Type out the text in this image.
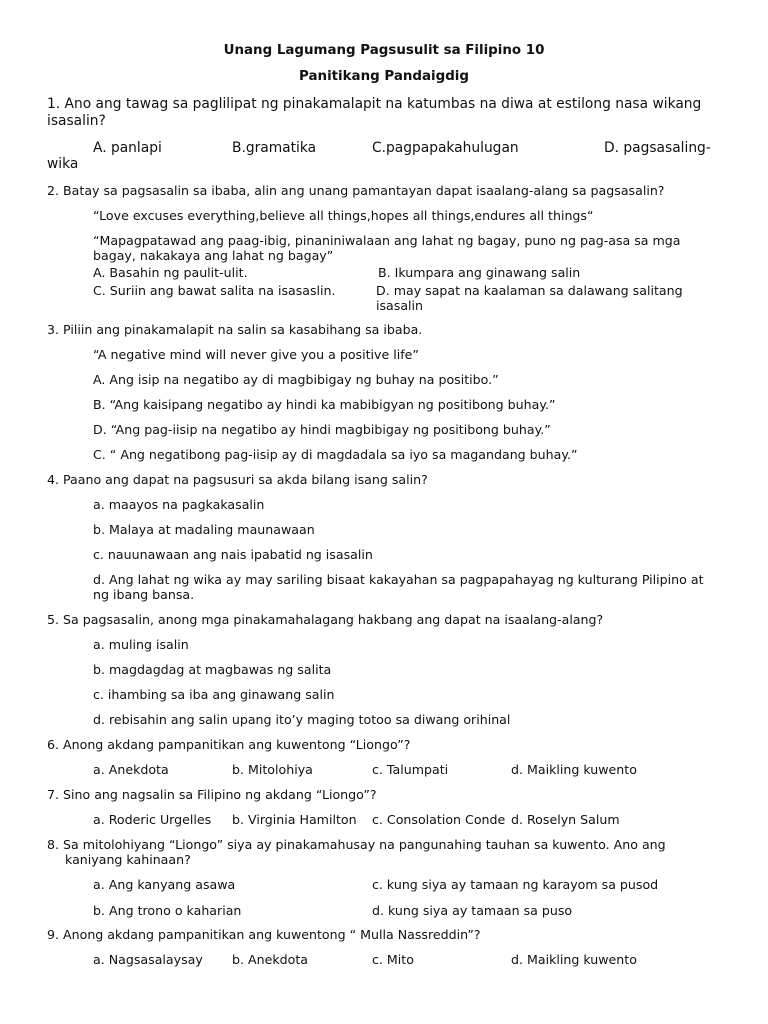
Unang Lagumang Pagsusulit sa Filipino 10
Panitikang Pandaigdig
1. Ano ang tawag sa paglilipat ng pinakamalapit na katumbas na diwa at estilong nasa wikang
isasalin?
A. panlapi	B.gramatika	C.pagpapakahulugan	D. pagsasaling-
wika
2. Batay sa pagsasalin sa ibaba, alin ang unang pamantayan dapat isaalang-alang sa pagsasalin?
“Love excuses everything,believe all things,hopes all things,endures all things“
“Mapagpatawad ang paag-ibig, pinaniniwalaan ang lahat ng bagay, puno ng pag-asa sa mga
bagay, nakakaya ang lahat ng bagay”
A. Basahin ng paulit-ulit.	B. Ikumpara ang ginawang salin
C. Suriin ang bawat salita na isasaslin.	D. may sapat na kaalaman sa dalawang salitang
isasalin
3. Piliin ang pinakamalapit na salin sa kasabihang sa ibaba.
“A negative mind will never give you a positive life”
A. Ang isip na negatibo ay di magbibigay ng buhay na positibo.”
B. “Ang kaisipang negatibo ay hindi ka mabibigyan ng positibong buhay.”
D. “Ang pag-iisip na negatibo ay hindi magbibigay ng positibong buhay.”
C. “ Ang negatibong pag-iisip ay di magdadala sa iyo sa magandang buhay.”
4. Paano ang dapat na pagsusuri sa akda bilang isang salin?
a. maayos na pagkakasalin
b. Malaya at madaling maunawaan
c. nauunawaan ang nais ipabatid ng isasalin
d. Ang lahat ng wika ay may sariling bisaat kakayahan sa pagpapahayag ng kulturang Pilipino at
ng ibang bansa.
5. Sa pagsasalin, anong mga pinakamahalagang hakbang ang dapat na isaalang-alang?
a. muling isalin
b. magdagdag at magbawas ng salita
c. ihambing sa iba ang ginawang salin
d. rebisahin ang salin upang ito’y maging totoo sa diwang orihinal
6. Anong akdang pampanitikan ang kuwentong “Liongo”?
a. Anekdota	b. Mitolohiya	c. Talumpati	d. Maikling kuwento
7. Sino ang nagsalin sa Filipino ng akdang “Liongo”?
a. Roderic Urgelles b. Virginia Hamilton c. Consolation Conde d. Roselyn Salum
8. Sa mitolohiyang “Liongo” siya ay pinakamahusay na pangunahing tauhan sa kuwento. Ano ang
kaniyang kahinaan?
a. Ang kanyang asawa	c. kung siya ay tamaan ng karayom sa pusod
b. Ang trono o kaharian	d. kung siya ay tamaan sa puso
9. Anong akdang pampanitikan ang kuwentong “ Mulla Nassreddin”?
a. Nagsasalaysay b. Anekdota	c. Mito	d. Maikling kuwento
